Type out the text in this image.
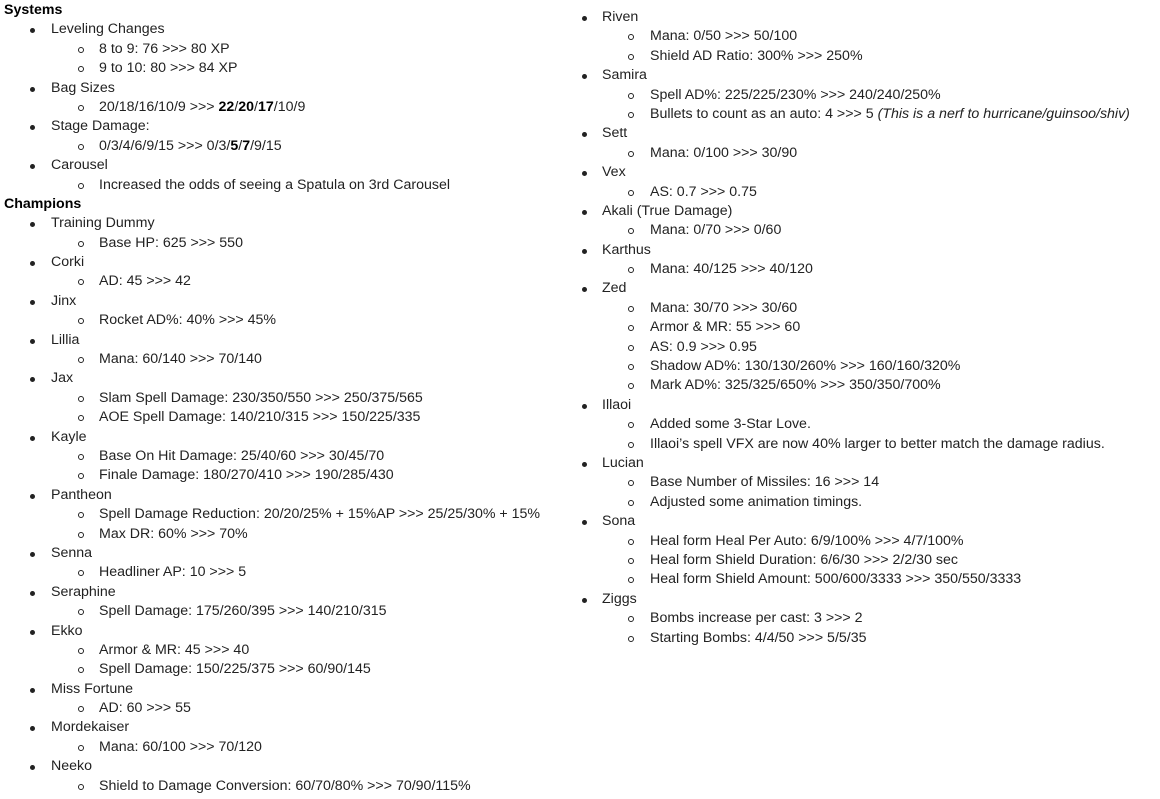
Systems
Leveling Changes
8 to 9: 76 >>> 80 XP
9 to 10: 80 >>> 84 XP
Bag Sizes
20/18/16/10/9 >>> 22/20/17/10/9
Stage Damage:
0/3/4/6/9/15 >>> 0/3/5/7/9/15
Carousel
Increased the odds of seeing a Spatula on 3rd Carousel
Champions
Training Dummy
Base HP: 625 >>> 550
Corki
AD: 45 >>> 42
Jinx
Rocket AD%: 40% >>> 45%
Lillia
Mana: 60/140 >>> 70/140
Jax
Slam Spell Damage: 230/350/550 >>> 250/375/565
AOE Spell Damage: 140/210/315 >>> 150/225/335
Kayle
Base On Hit Damage: 25/40/60 >>> 30/45/70
Finale Damage: 180/270/410 >>> 190/285/430
Pantheon
Spell Damage Reduction: 20/20/25% + 15%AP >>> 25/25/30% + 15%
Max DR: 60% >>> 70%
Senna
Headliner AP: 10 >>> 5
Seraphine
Spell Damage: 175/260/395 >>> 140/210/315
Ekko
Armor & MR: 45 >>> 40
Spell Damage: 150/225/375 >>> 60/90/145
Miss Fortune
AD: 60 >>> 55
Mordekaiser
Mana: 60/100 >>> 70/120
Neeko
Shield to Damage Conversion: 60/70/80% >>> 70/90/115%
Riven
Mana: 0/50 >>> 50/100
Shield AD Ratio: 300% >>> 250%
Samira
Spell AD%: 225/225/230% >>> 240/240/250%
Bullets to count as an auto: 4 >>> 5 (This is a nerf to hurricane/guinsoo/shiv)
Sett
Mana: 0/100 >>> 30/90
Vex
AS: 0.7 >>> 0.75
Akali (True Damage)
Mana: 0/70 >>> 0/60
Karthus
Mana: 40/125 >>> 40/120
Zed
Mana: 30/70 >>> 30/60
Armor & MR: 55 >>> 60
AS: 0.9 >>> 0.95
Shadow AD%: 130/130/260% >>> 160/160/320%
Mark AD%: 325/325/650% >>> 350/350/700%
Illaoi
Added some 3-Star Love.
Illaoi’s spell VFX are now 40% larger to better match the damage radius.
Lucian
Base Number of Missiles: 16 >>> 14
Adjusted some animation timings.
Sona
Heal form Heal Per Auto: 6/9/100% >>> 4/7/100%
Heal form Shield Duration: 6/6/30 >>> 2/2/30 sec
Heal form Shield Amount: 500/600/3333 >>> 350/550/3333
Ziggs
Bombs increase per cast: 3 >>> 2
Starting Bombs: 4/4/50 >>> 5/5/35
